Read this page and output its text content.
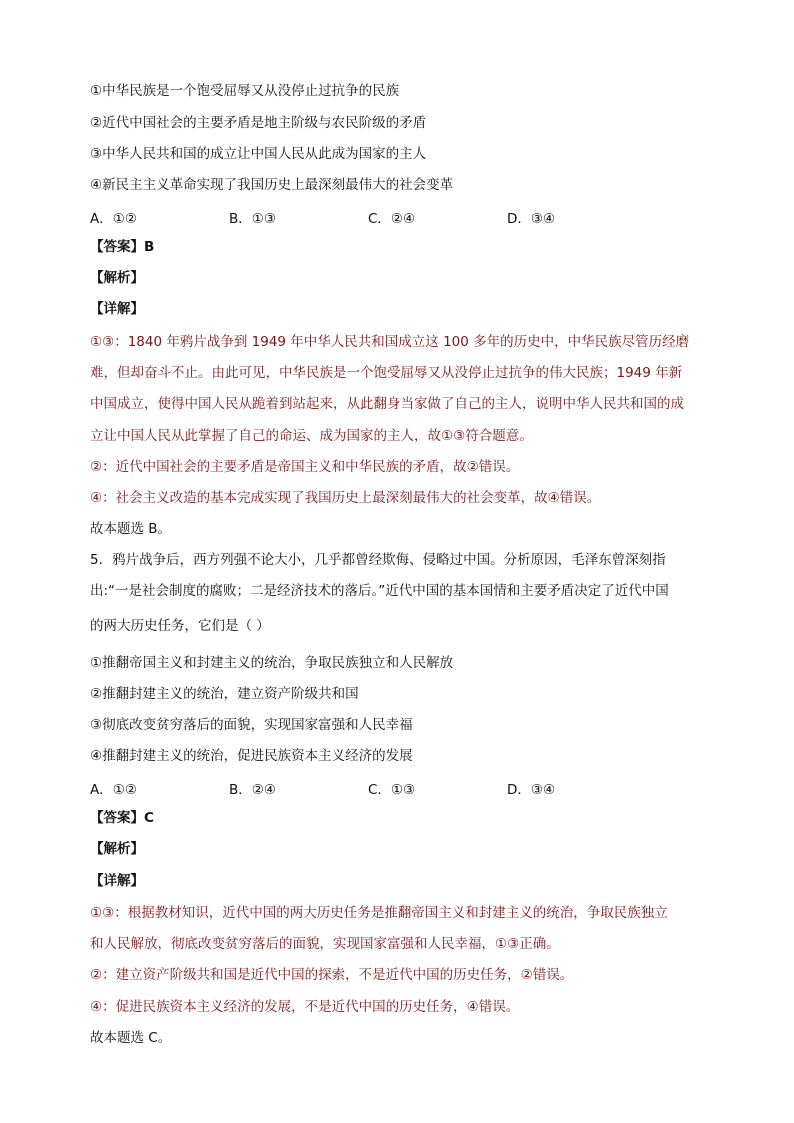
①中华民族是一个饱受屈辱又从没停止过抗争的民族
②近代中国社会的主要矛盾是地主阶级与农民阶级的矛盾
③中华人民共和国的成立让中国人民从此成为国家的主人
④新民主主义革命实现了我国历史上最深刻最伟大的社会变革
A．①②	B．①③	C．②④	D．③④
【答案】B
【解析】
【详解】
①③：1840 年鸦片战争到 1949 年中华人民共和国成立这 100 多年的历史中，中华民族尽管历经磨
难，但却奋斗不止。由此可见，中华民族是一个饱受屈辱又从没停止过抗争的伟大民族；1949 年新
中国成立，使得中国人民从跪着到站起来，从此翻身当家做了自己的主人，说明中华人民共和国的成
立让中国人民从此掌握了自己的命运、成为国家的主人，故①③符合题意。
②：近代中国社会的主要矛盾是帝国主义和中华民族的矛盾，故②错误。
④：社会主义改造的基本完成实现了我国历史上最深刻最伟大的社会变革，故④错误。
故本题选 B。
5．鸦片战争后，西方列强不论大小，几乎都曾经欺侮、侵略过中国。分析原因，毛泽东曾深刻指
出:“一是社会制度的腐败；二是经济技术的落后。”近代中国的基本国情和主要矛盾决定了近代中国
的两大历史任务，它们是（ ）
①推翻帝国主义和封建主义的统治，争取民族独立和人民解放
②推翻封建主义的统治，建立资产阶级共和国
③彻底改变贫穷落后的面貌，实现国家富强和人民幸福
④推翻封建主义的统治，促进民族资本主义经济的发展
A．①②	B．②④	C．①③	D．③④
【答案】C
【解析】
【详解】
①③：根据教材知识，近代中国的两大历史任务是推翻帝国主义和封建主义的统治，争取民族独立
和人民解放，彻底改变贫穷落后的面貌，实现国家富强和人民幸福，①③正确。
②：建立资产阶级共和国是近代中国的探索，不是近代中国的历史任务，②错误。
④：促进民族资本主义经济的发展，不是近代中国的历史任务，④错误。
故本题选 C。
